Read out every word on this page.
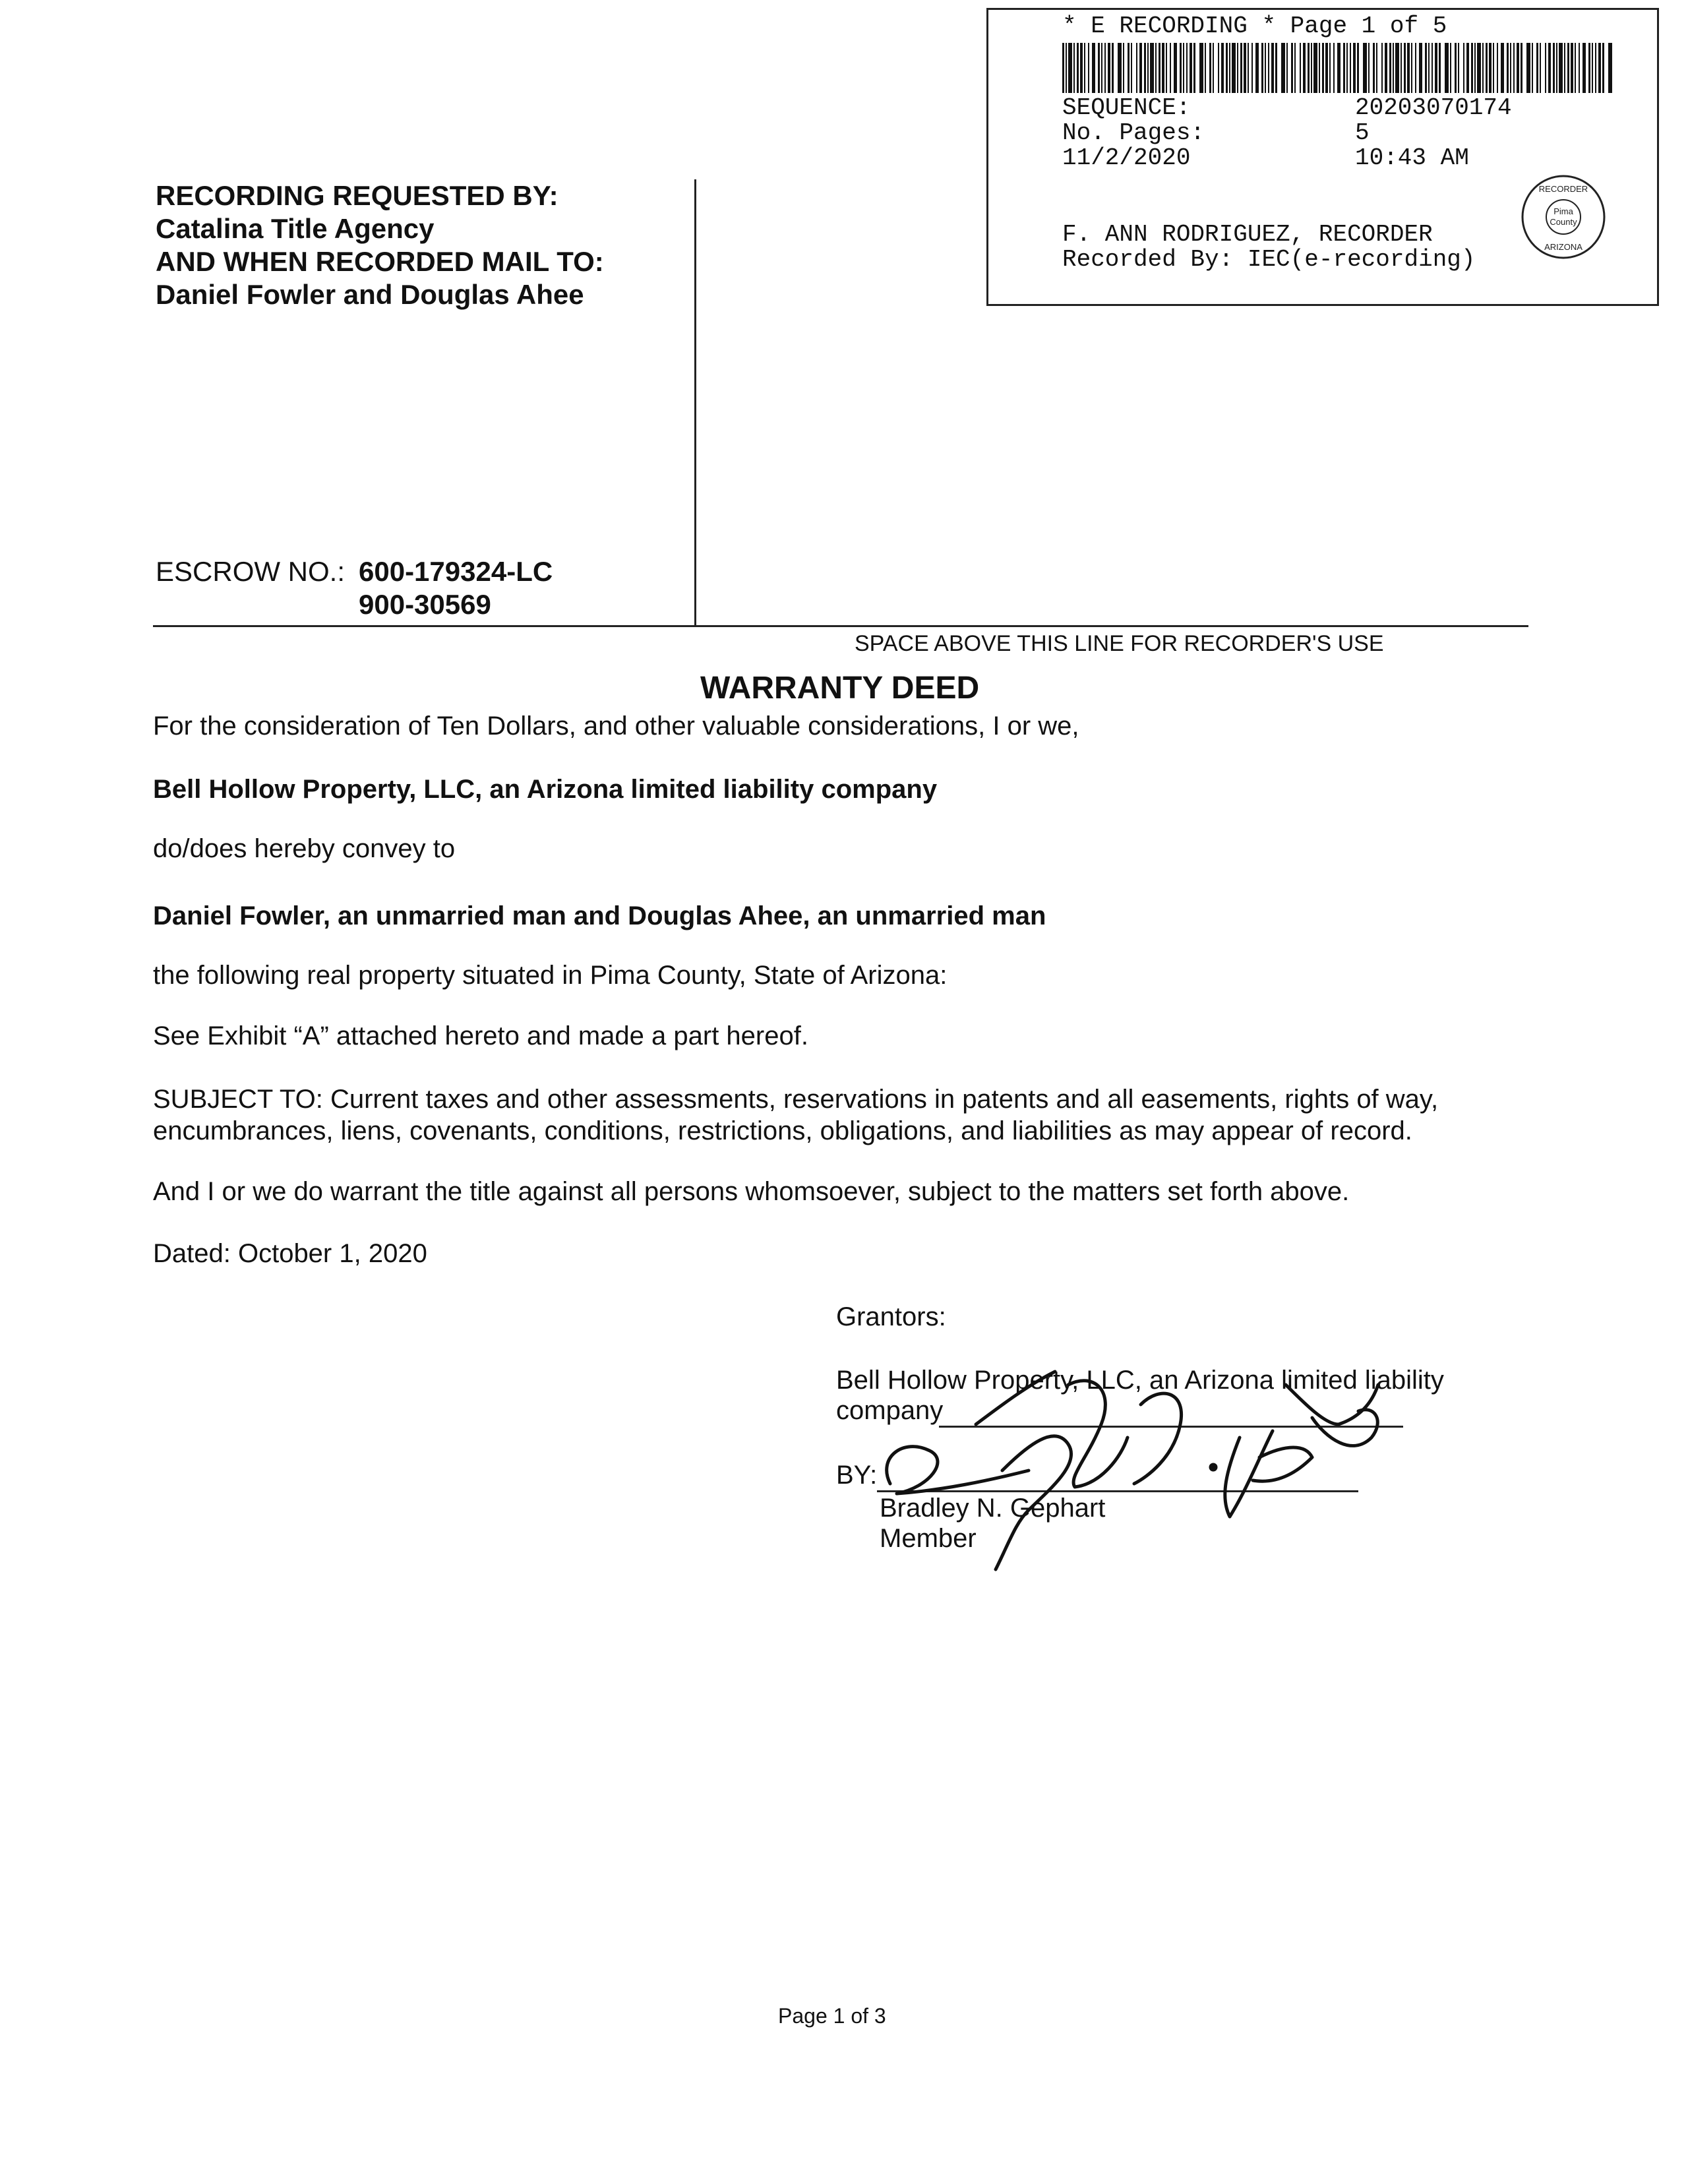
* E RECORDING * Page 1 of 5
SEQUENCE:	20203070174
No. Pages:	5
11/2/2020	10:43 AM
F. ANN RODRIGUEZ, RECORDER
Recorded By: IEC(e-recording)
Pima
County
RECORDER
ARIZONA
RECORDING REQUESTED BY:
Catalina Title Agency
AND WHEN RECORDED MAIL TO:
Daniel Fowler and Douglas Ahee
ESCROW NO.: 600-179324-LC
900-30569
SPACE ABOVE THIS LINE FOR RECORDER'S USE
WARRANTY DEED
For the consideration of Ten Dollars, and other valuable considerations, I or we,
Bell Hollow Property, LLC, an Arizona limited liability company
do/does hereby convey to
Daniel Fowler, an unmarried man and Douglas Ahee, an unmarried man
the following real property situated in Pima County, State of Arizona:
See Exhibit “A” attached hereto and made a part hereof.
SUBJECT TO: Current taxes and other assessments, reservations in patents and all easements, rights of way,
encumbrances, liens, covenants, conditions, restrictions, obligations, and liabilities as may appear of record.
And I or we do warrant the title against all persons whomsoever, subject to the matters set forth above.
Dated: October 1, 2020
Grantors:
Bell Hollow Property, LLC, an Arizona limited liability
company
BY:
Bradley N. Gephart
Member
Page 1 of 3
